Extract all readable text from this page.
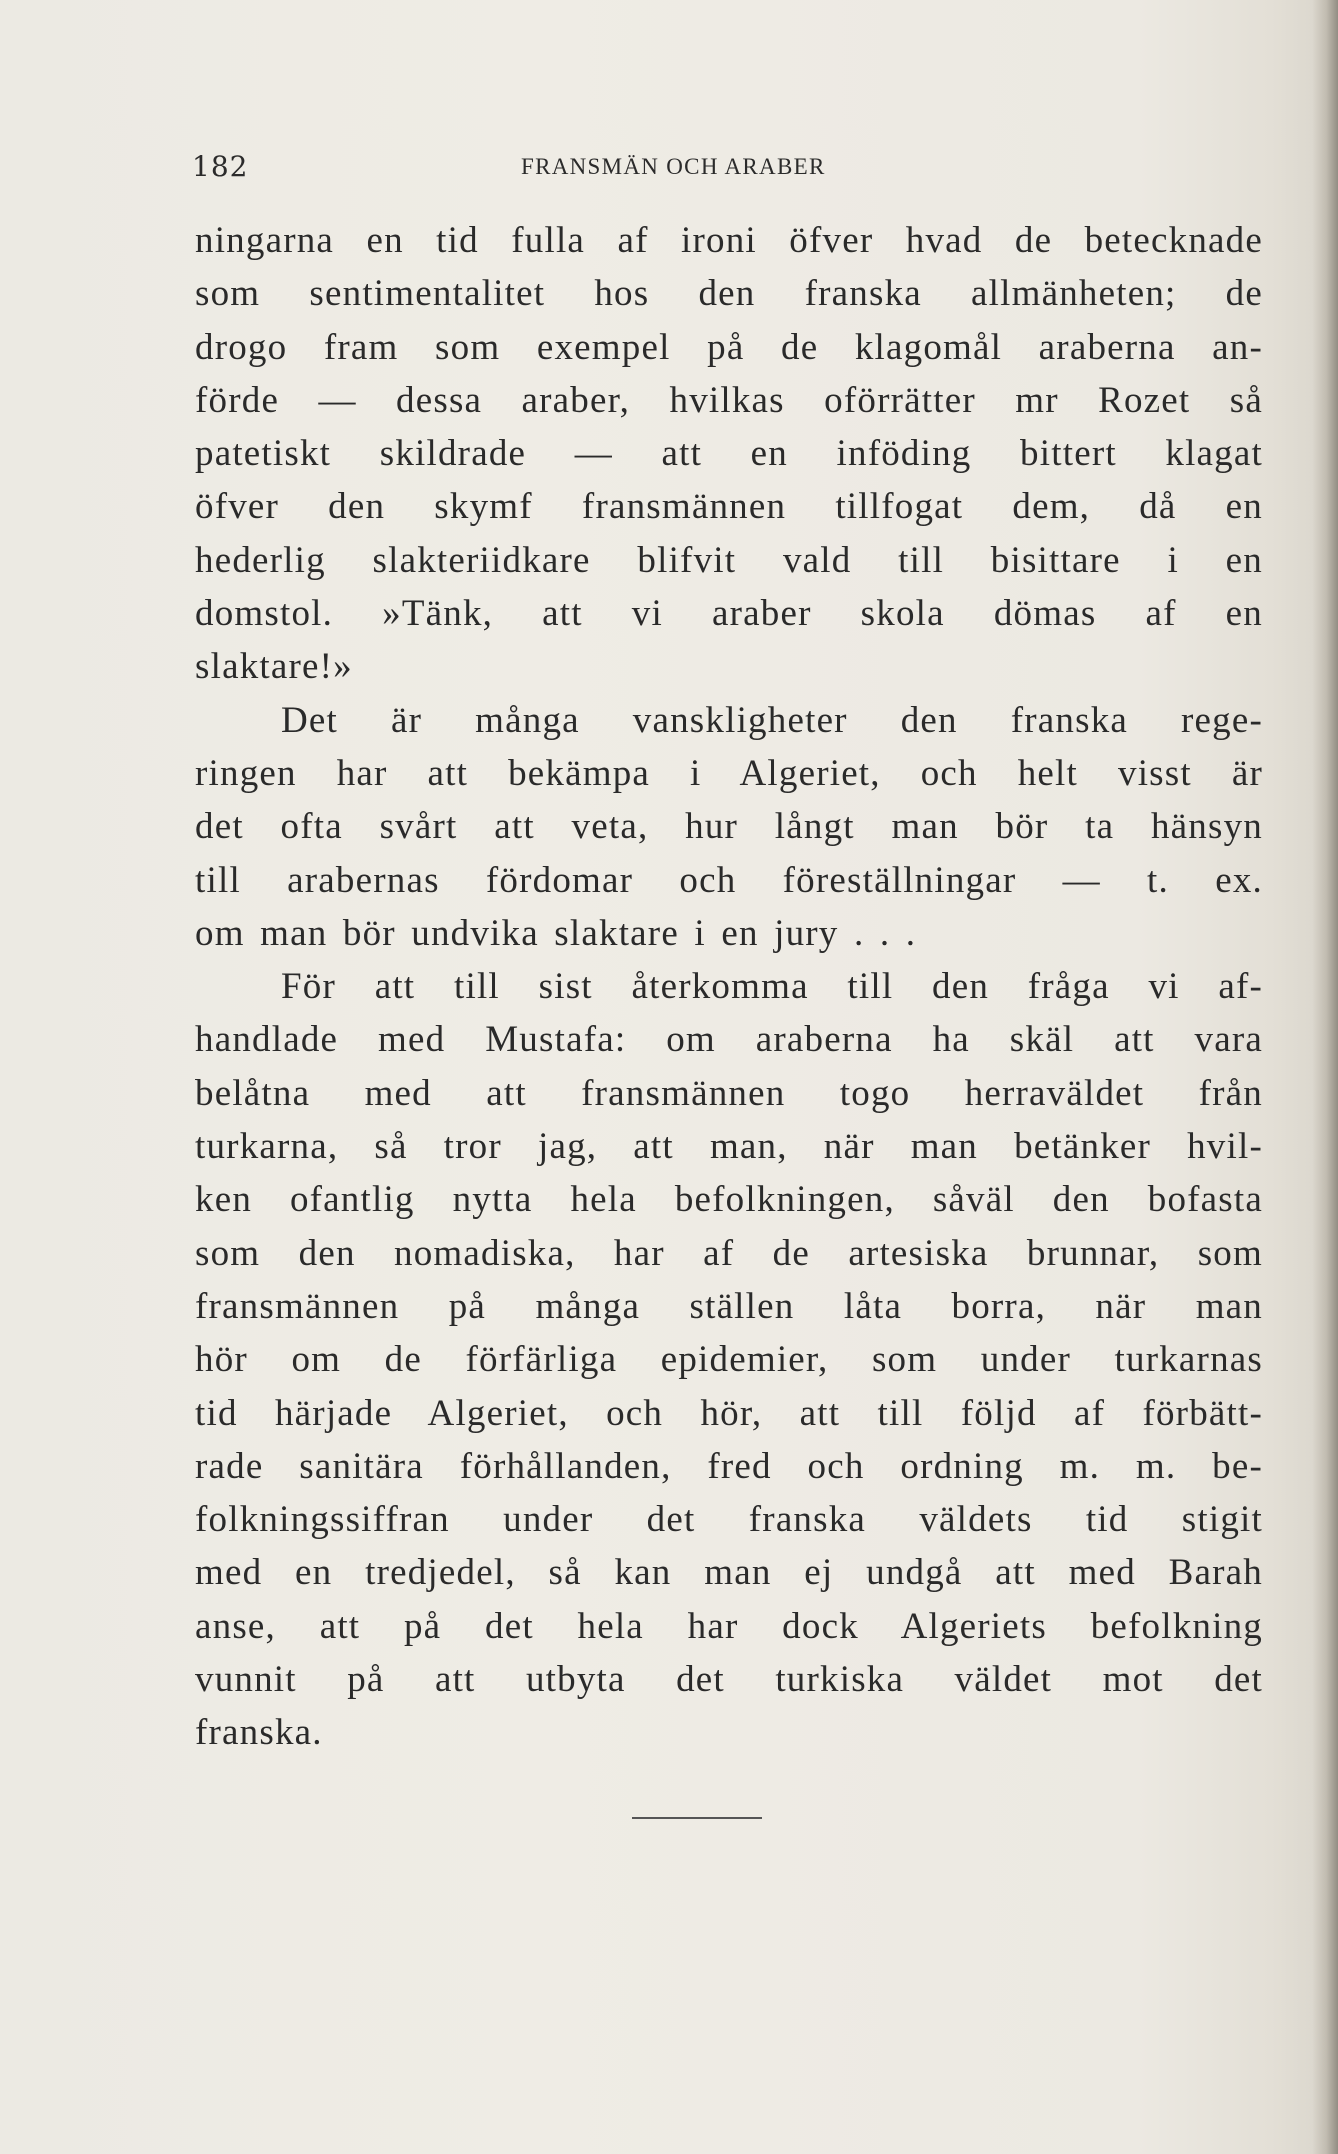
182	FRANSMÄN OCH ARABER
ningarna en tid fulla af ironi öfver hvad de betecknade
som sentimentalitet hos den franska allmänheten; de
drogo fram som exempel på de klagomål araberna an-
förde — dessa araber, hvilkas oförrätter mr Rozet så
patetiskt skildrade — att en inföding bittert klagat
öfver den skymf fransmännen tillfogat dem, då en
hederlig slakteriidkare blifvit vald till bisittare i en
domstol. »Tänk, att vi araber skola dömas af en
slaktare!»
Det är många vanskligheter den franska rege-
ringen har att bekämpa i Algeriet, och helt visst är
det ofta svårt att veta, hur långt man bör ta hänsyn
till arabernas fördomar och föreställningar — t. ex.
om man bör undvika slaktare i en jury . . .
För att till sist återkomma till den fråga vi af-
handlade med Mustafa: om araberna ha skäl att vara
belåtna med att fransmännen togo herraväldet från
turkarna, så tror jag, att man, när man betänker hvil-
ken ofantlig nytta hela befolkningen, såväl den bofasta
som den nomadiska, har af de artesiska brunnar, som
fransmännen på många ställen låta borra, när man
hör om de förfärliga epidemier, som under turkarnas
tid härjade Algeriet, och hör, att till följd af förbätt-
rade sanitära förhållanden, fred och ordning m. m. be-
folkningssiffran under det franska väldets tid stigit
med en tredjedel, så kan man ej undgå att med Barah
anse, att på det hela har dock Algeriets befolkning
vunnit på att utbyta det turkiska väldet mot det
franska.
